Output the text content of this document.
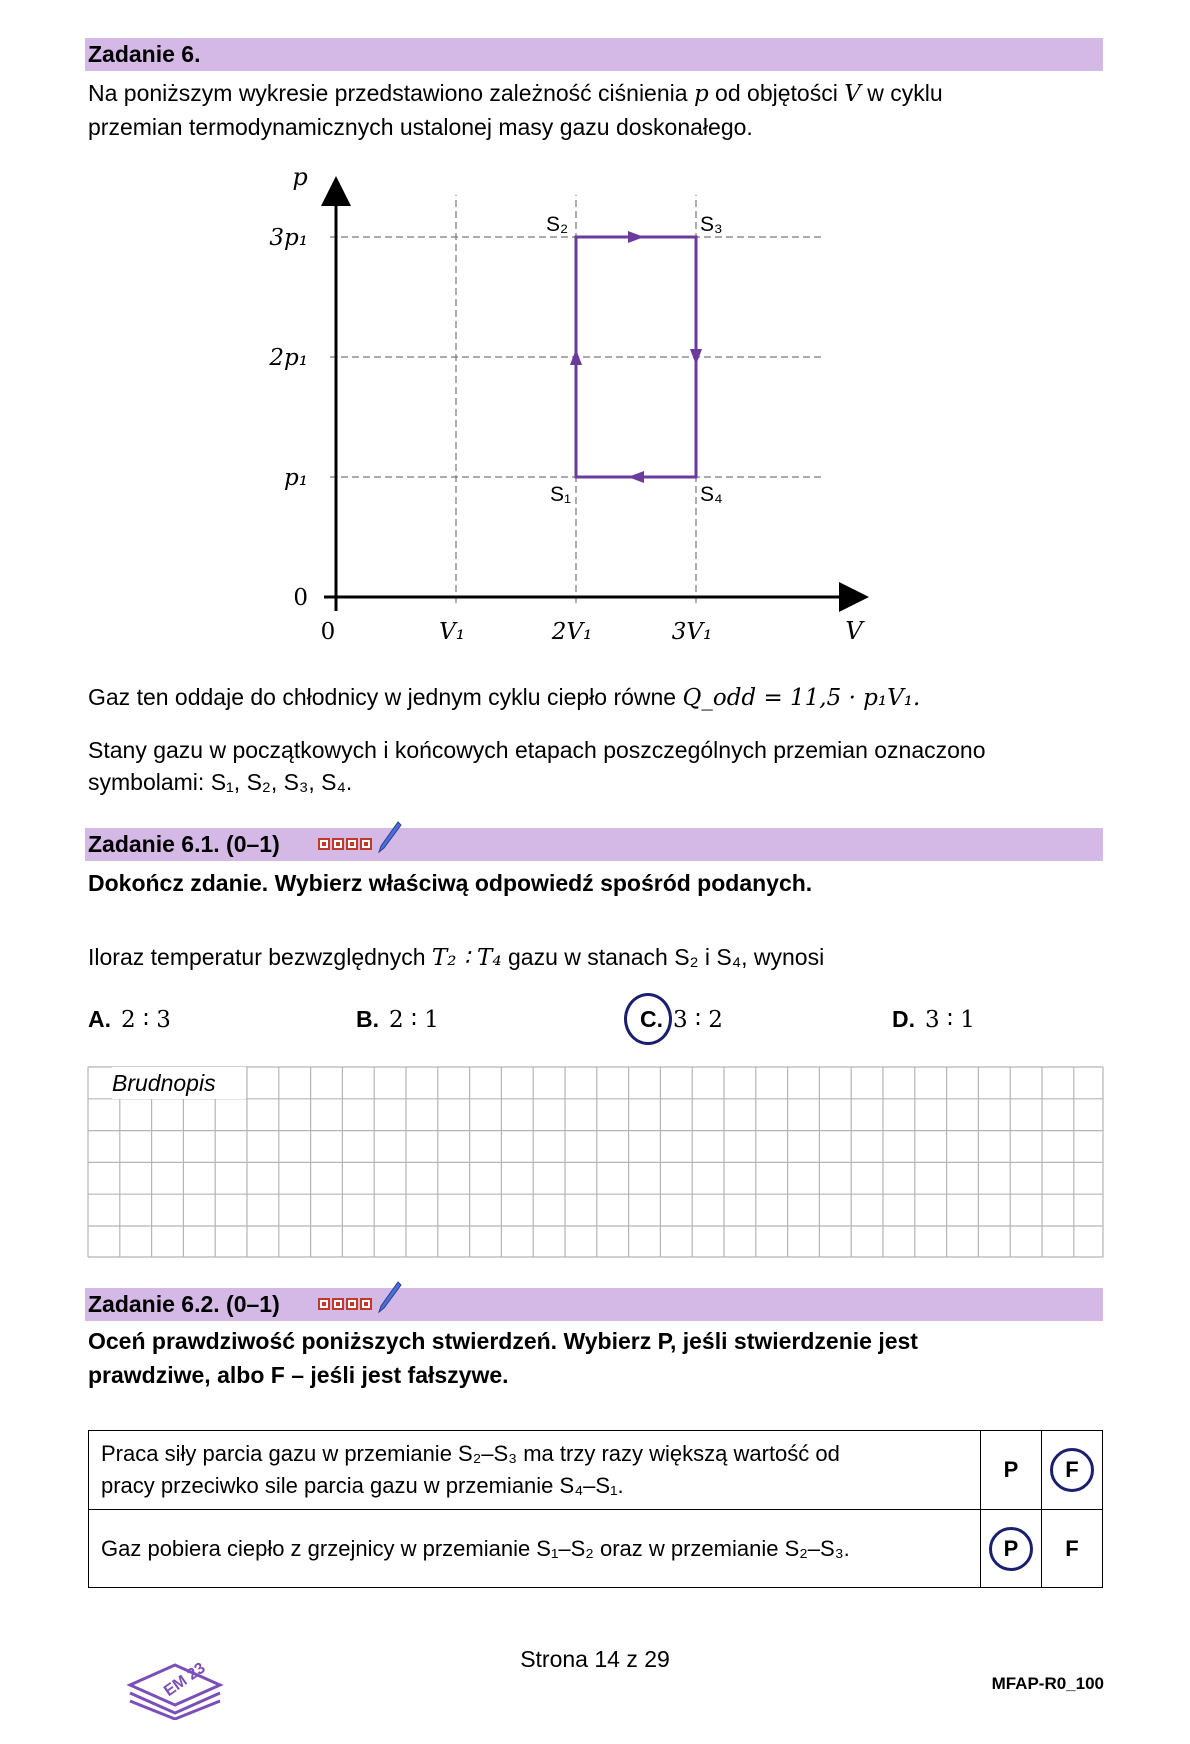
Zadanie 6.
Na poniższym wykresie przedstawiono zależność ciśnienia p od objętości V w cyklu
przemian termodynamicznych ustalonej masy gazu doskonałego.
0	V₁	2V₁	3V₁
0
p₁
2p₁
3p₁
V
p
S₁
S₂	S₃
S₄
Gaz ten oddaje do chłodnicy w jednym cyklu ciepło równe Q_odd = 11,5 · p₁V₁.
Stany gazu w początkowych i końcowych etapach poszczególnych przemian oznaczono
symbolami: S₁, S₂, S₃, S₄.
Zadanie 6.1. (0–1)
Dokończ zdanie. Wybierz właściwą odpowiedź spośród podanych.
Iloraz temperatur bezwzględnych T₂ ∶ T₄ gazu w stanach S₂ i S₄, wynosi
A. 2 ∶ 3	B. 2 ∶ 1	C. 3 ∶ 2	D. 3 ∶ 1
Brudnopis
Zadanie 6.2. (0–1)
Oceń prawdziwość poniższych stwierdzeń. Wybierz P, jeśli stwierdzenie jest
prawdziwe, albo F – jeśli jest fałszywe.
Praca siły parcia gazu w przemianie S₂–S₃ ma trzy razy większą wartość od
pracy przeciwko sile parcia gazu w przemianie S₄–S₁.	P	F

Gaz pobiera ciepło z grzejnicy w przemianie S₁–S₂ oraz w przemianie S₂–S₃.	P	F
EM 23
Strona 14 z 29
MFAP-R0_100
